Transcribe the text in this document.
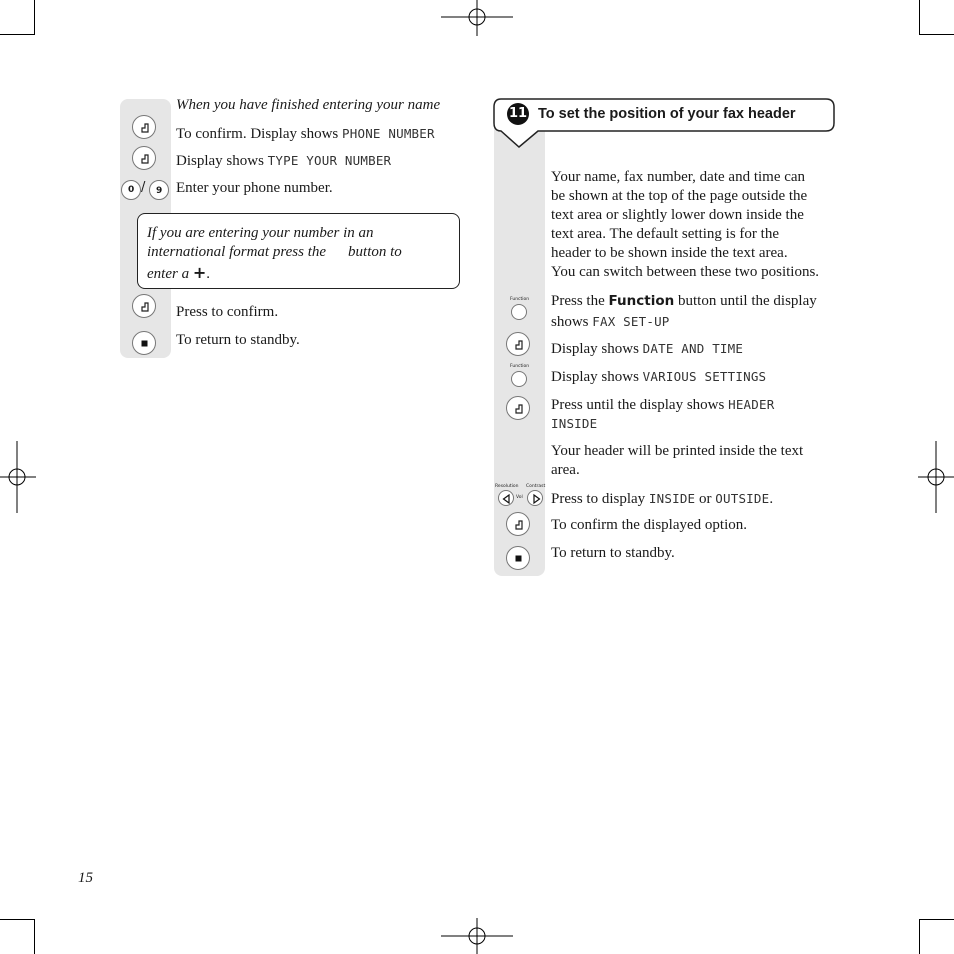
When you have finished entering your name
To confirm. Display shows PHONE NUMBER
Display shows TYPE YOUR NUMBER
0 / 9 Enter your phone number.
If you are entering your number in an
international format press the button to
enter a +.
Press to confirm.
To return to standby.
11 To set the position of your fax header
Your name, fax number, date and time can
be shown at the top of the page outside the
text area or slightly lower down inside the
text area. The default setting is for the
header to be shown inside the text area.
You can switch between these two positions.
Function Press the Function button until the display
shows FAX SET-UP
Display shows DATE AND TIME
Function
Display shows VARIOUS SETTINGS
Press until the display shows HEADER
INSIDE
Your header will be printed inside the text
area.
Resolution Contrast
Vol Press to display INSIDE or OUTSIDE.
To confirm the displayed option.
To return to standby.
15
